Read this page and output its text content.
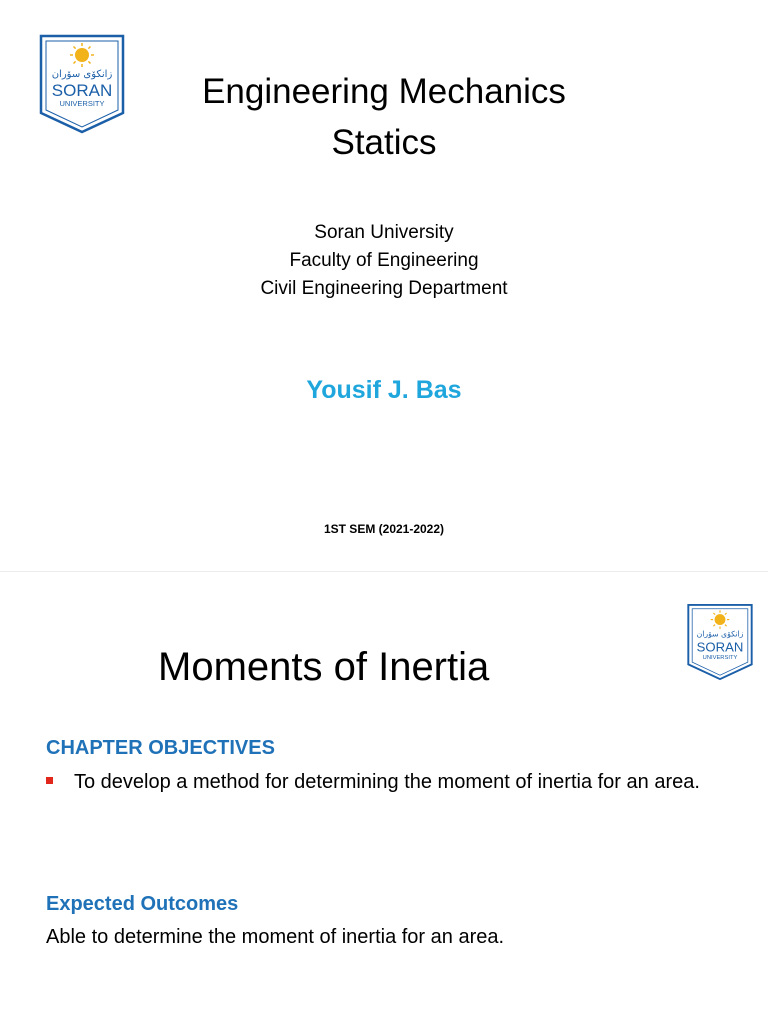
زانکۆی سۆران
SORAN
UNIVERSITY	Engineering Mechanics
Statics
Soran University
Faculty of Engineering
Civil Engineering Department
Yousif J. Bas
1ST SEM (2021-2022)
زانکۆی سۆران
SORAN
UNIVERSITY
Moments of Inertia
CHAPTER OBJECTIVES
To develop a method for determining the moment of inertia for an area.
Expected Outcomes
Able to determine the moment of inertia for an area.
